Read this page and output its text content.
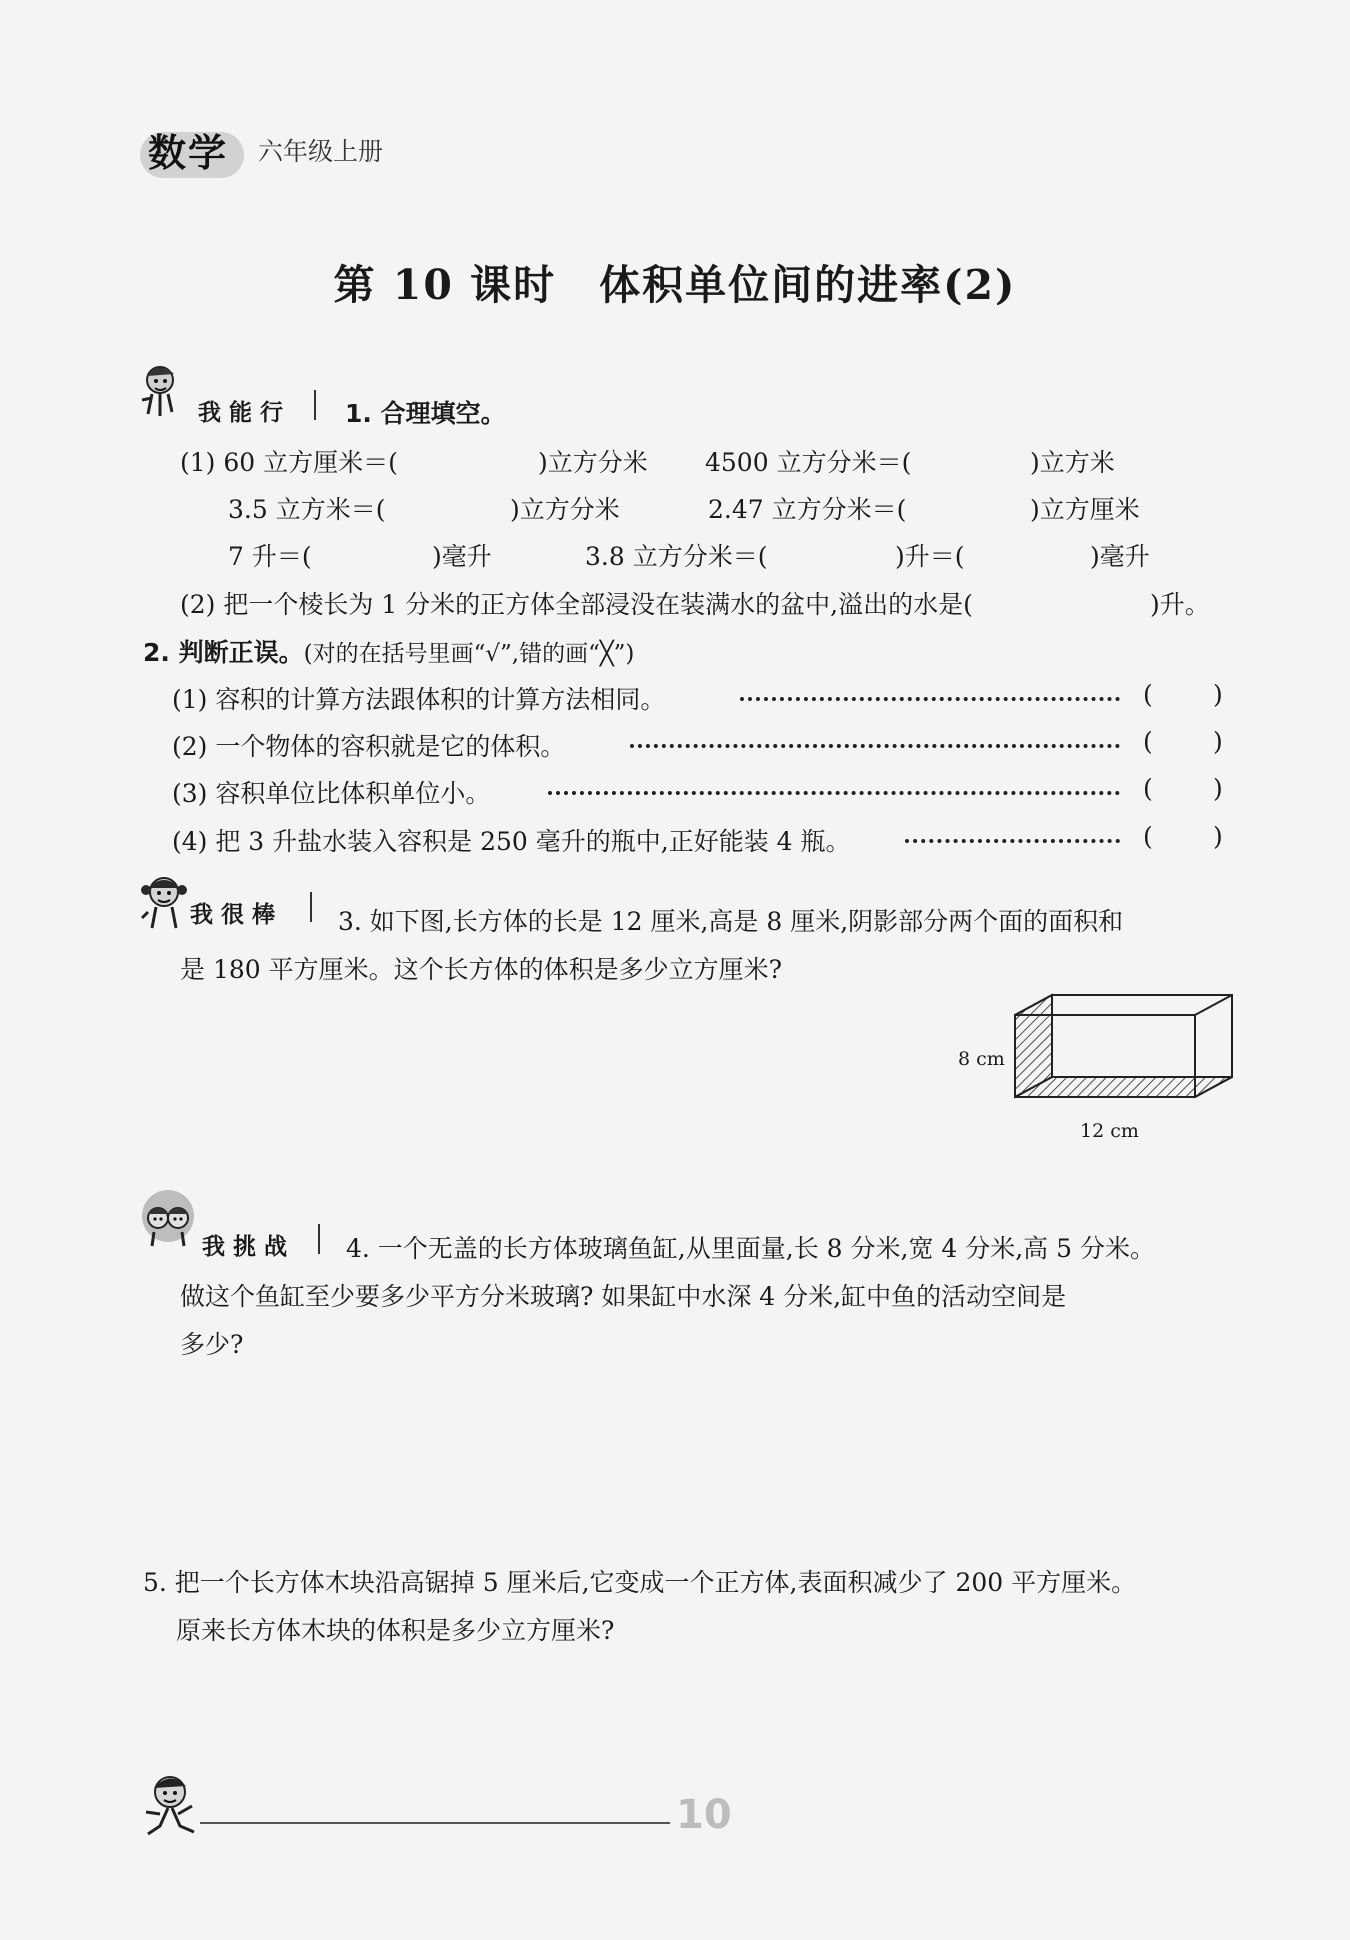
数学 六年级上册
第 10 课时　体积单位间的进率(2)
我能行 1. 合理填空。
(1) 60 立方厘米＝(	)立方分米 4500 立方分米＝(	)立方米
3.5 立方米＝(	)立方分米	2.47 立方分米＝(	)立方厘米
7 升＝(	)毫升	3.8 立方分米＝(	)升＝(	)毫升
(2) 把一个棱长为 1 分米的正方体全部浸没在装满水的盆中,溢出的水是(	)升。
2. 判断正误。(对的在括号里画“√”,错的画“╳”)
(1) 容积的计算方法跟体积的计算方法相同。	( )
(2) 一个物体的容积就是它的体积。	( )
(3) 容积单位比体积单位小。	( )
(4) 把 3 升盐水装入容积是 250 毫升的瓶中,正好能装 4 瓶。	( )
我很棒 3. 如下图,长方体的长是 12 厘米,高是 8 厘米,阴影部分两个面的面积和
是 180 平方厘米。这个长方体的体积是多少立方厘米?
8 cm
12 cm
我挑战 4. 一个无盖的长方体玻璃鱼缸,从里面量,长 8 分米,宽 4 分米,高 5 分米。
做这个鱼缸至少要多少平方分米玻璃? 如果缸中水深 4 分米,缸中鱼的活动空间是
多少?
5. 把一个长方体木块沿高锯掉 5 厘米后,它变成一个正方体,表面积减少了 200 平方厘米。
原来长方体木块的体积是多少立方厘米?
10
